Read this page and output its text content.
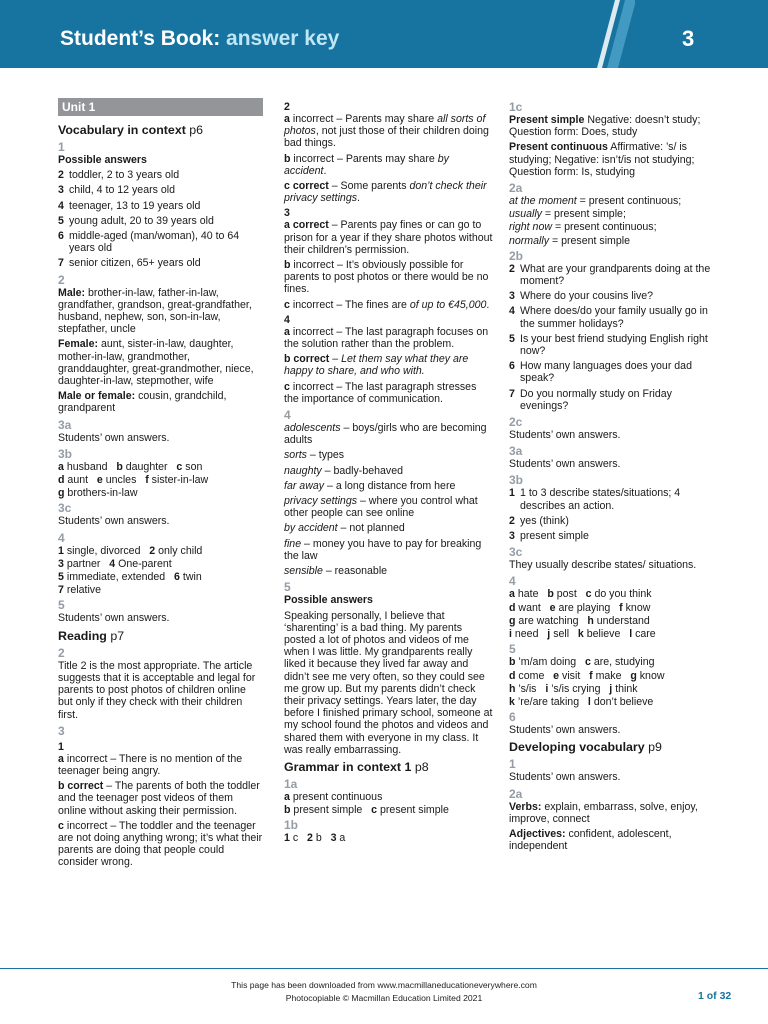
Student’s Book: answer key	3
Unit 1
Vocabulary in context p6
1
Possible answers
2 toddler, 2 to 3 years old
3 child, 4 to 12 years old
4 teenager, 13 to 19 years old
5 young adult, 20 to 39 years old
6 middle-aged (man/woman), 40 to 64 years old
7 senior citizen, 65+ years old
2
Male: brother-in-law, father-in-law, grandfather, grandson, great-grandfather, husband, nephew, son, son-in-law, stepfather, uncle
Female: aunt, sister-in-law, daughter, mother-in-law, grandmother, granddaughter, great-grandmother, niece, daughter-in-law, stepmother, wife
Male or female: cousin, grandchild, grandparent
3a
Students’ own answers.
3b
a husband   b daughter   c son
d aunt   e uncles   f sister-in-law
g brothers-in-law
3c
Students’ own answers.
4
1 single, divorced   2 only child
3 partner   4 One-parent
5 immediate, extended   6 twin
7 relative
5
Students’ own answers.
Reading p7
2
Title 2 is the most appropriate. The article suggests that it is acceptable and legal for parents to post photos of children online but only if they check with their children first.
3
1
a incorrect – There is no mention of the teenager being angry.
b correct – The parents of both the toddler and the teenager post videos of them online without asking their permission.
c incorrect – The toddler and the teenager are not doing anything wrong; it’s what their parents are doing that people could consider wrong.
2
a incorrect – Parents may share all sorts of photos, not just those of their children doing bad things.
b incorrect – Parents may share by accident.
c correct – Some parents don’t check their privacy settings.
3
a correct – Parents pay fines or can go to prison for a year if they share photos without their children’s permission.
b incorrect – It’s obviously possible for parents to post photos or there would be no fines.
c incorrect – The fines are of up to €45,000.
4
a incorrect – The last paragraph focuses on the solution rather than the problem.
b correct – Let them say what they are happy to share, and who with.
c incorrect – The last paragraph stresses the importance of communication.
4
adolescents – boys/girls who are becoming adults
sorts – types
naughty – badly-behaved
far away – a long distance from here
privacy settings – where you control what other people can see online
by accident – not planned
fine – money you have to pay for breaking the law
sensible – reasonable
5
Possible answers
Speaking personally, I believe that ‘sharenting’ is a bad thing. My parents posted a lot of photos and videos of me when I was little. My grandparents really liked it because they lived far away and didn’t see me very often, so they could see me grow up. But my parents didn’t check their privacy settings. Years later, the day before I finished primary school, someone at my school found the photos and videos and shared them with everyone in my class. It was really embarrassing.
Grammar in context 1 p8
1a
a present continuous
b present simple   c present simple
1b
1 c   2 b   3 a
1c
Present simple Negative: doesn’t study; Question form: Does, study
Present continuous Affirmative: ’s/ is studying; Negative: isn’t/is not studying; Question form: Is, studying
2a
at the moment = present continuous;
usually = present simple;
right now = present continuous;
normally = present simple
2b
2 What are your grandparents doing at the moment?
3 Where do your cousins live?
4 Where does/do your family usually go in the summer holidays?
5 Is your best friend studying English right now?
6 How many languages does your dad speak?
7 Do you normally study on Friday evenings?
2c
Students’ own answers.
3a
Students’ own answers.
3b
1 1 to 3 describe states/situations; 4 describes an action.
2 yes (think)
3 present simple
3c
They usually describe states/ situations.
4
a hate   b post   c do you think
d want   e are playing   f know
g are watching   h understand
i need   j sell   k believe   l care
5
b ’m/am doing   c are, studying
d come   e visit   f make   g know
h ’s/is   i ’s/is crying   j think
k ’re/are taking   l don’t believe
6
Students’ own answers.
Developing vocabulary p9
1
Students’ own answers.
2a
Verbs: explain, embarrass, solve, enjoy, improve, connect
Adjectives: confident, adolescent, independent
This page has been downloaded from www.macmillaneducationeverywhere.com
Photocopiable © Macmillan Education Limited 2021	1 of 32
